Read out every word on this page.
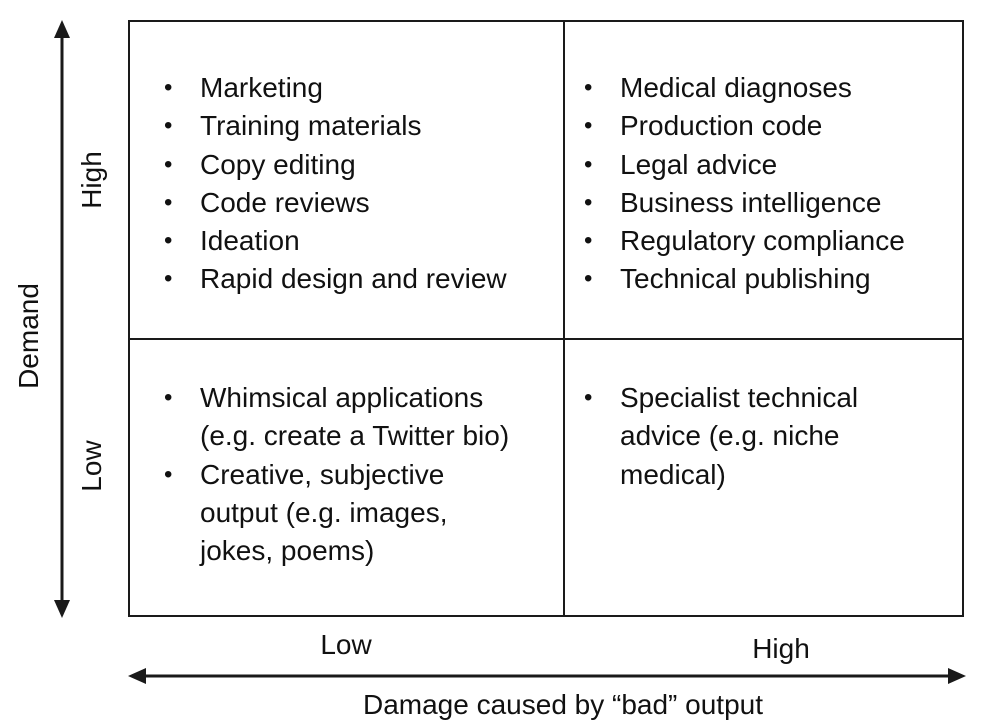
Demand
High
Low
• Marketing
• Training materials
• Copy editing
• Code reviews
• Ideation
• Rapid design and review
• Medical diagnoses
• Production code
• Legal advice
• Business intelligence
• Regulatory compliance
• Technical publishing
• Whimsical applications
(e.g. create a Twitter bio)
• Creative, subjective
output (e.g. images,
jokes, poems)
• Specialist technical
advice (e.g. niche
medical)
Low	High
Damage caused by “bad” output
